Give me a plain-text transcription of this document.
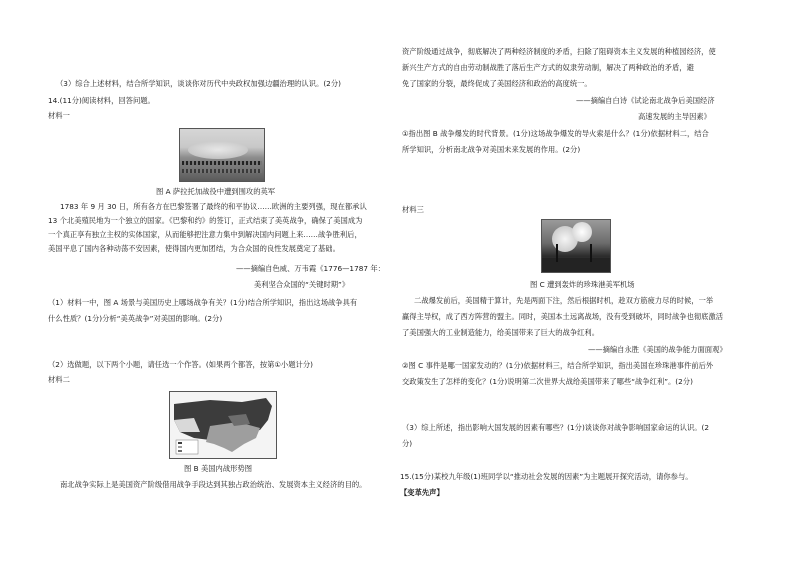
（3）综合上述材料，结合所学知识，谈谈你对历代中央政权加强边疆治理的认识。(2分)
14.(11分)阅读材料，回答问题。
材料一
图 A 萨拉托加战役中遭到围攻的英军
1783 年 9 月 30 日，所有各方在巴黎签署了最终的和平协议……欧洲的主要列强，现在都承认
13 个北美殖民地为一个独立的国家。《巴黎和约》的签订，正式结束了美英战争，确保了美国成为
一个真正享有独立主权的实体国家，从而能够把注意力集中到解决国内问题上来……战争胜利后，
美国平息了国内各种动荡不安因素，使得国内更加团结，为合众国的良性发展奠定了基础。
——摘编自色威、万韦霞《1776—1787 年：
美利坚合众国的“关键时期”》
（1）材料一中，图 A 场景与美国历史上哪场战争有关？(1分)结合所学知识，指出这场战争具有
什么性质？(1分)分析“美英战争”对美国的影响。(2分)
（2）选做题，以下两个小题，请任选一个作答。(如果两个都答，按第①小题计分)
材料二
图 B 美国内战形势图
南北战争实际上是美国资产阶级借用战争手段达到其独占政治统治、发展资本主义经济的目的。
资产阶级通过战争，彻底解决了两种经济制度的矛盾，扫除了阻碍资本主义发展的种植园经济，使
新兴生产方式的自由劳动制战胜了落后生产方式的奴隶劳动制，解决了两种政治的矛盾，避
免了国家的分裂，最终促成了美国经济和政治的高度统一。
——摘编自白诗《试论南北战争后美国经济
高速发展的主导因素》
①指出图 B 战争爆发的时代背景。(1分)这场战争爆发的导火索是什么？(1分)依据材料二，结合
所学知识，分析南北战争对美国未来发展的作用。(2分)
材料三
图 C 遭到轰炸的珍珠港美军机场
二战爆发前后，美国精于算计，先是两面下注，然后根据时机，趁双方筋疲力尽的时候，一举
赢得主导权，成了西方阵营的盟主。同时，美国本土远离战场，没有受到破坏，同时战争也彻底激活
了美国强大的工业制造能力，给美国带来了巨大的战争红利。
——摘编自永胜《美国的战争能力面面观》
②图 C 事件是哪一国家发动的？(1分)依据材料三，结合所学知识，指出美国在珍珠港事件前后外
交政策发生了怎样的变化？(1分)说明第二次世界大战给美国带来了哪些“战争红利”。(2分)
（3）综上所述，指出影响大国发展的因素有哪些？(1分)谈谈你对战争影响国家命运的认识。(2
分)
15.(15分)某校九年级(1)班同学以“推动社会发展的因素”为主题展开探究活动，请你参与。
【变革先声】
